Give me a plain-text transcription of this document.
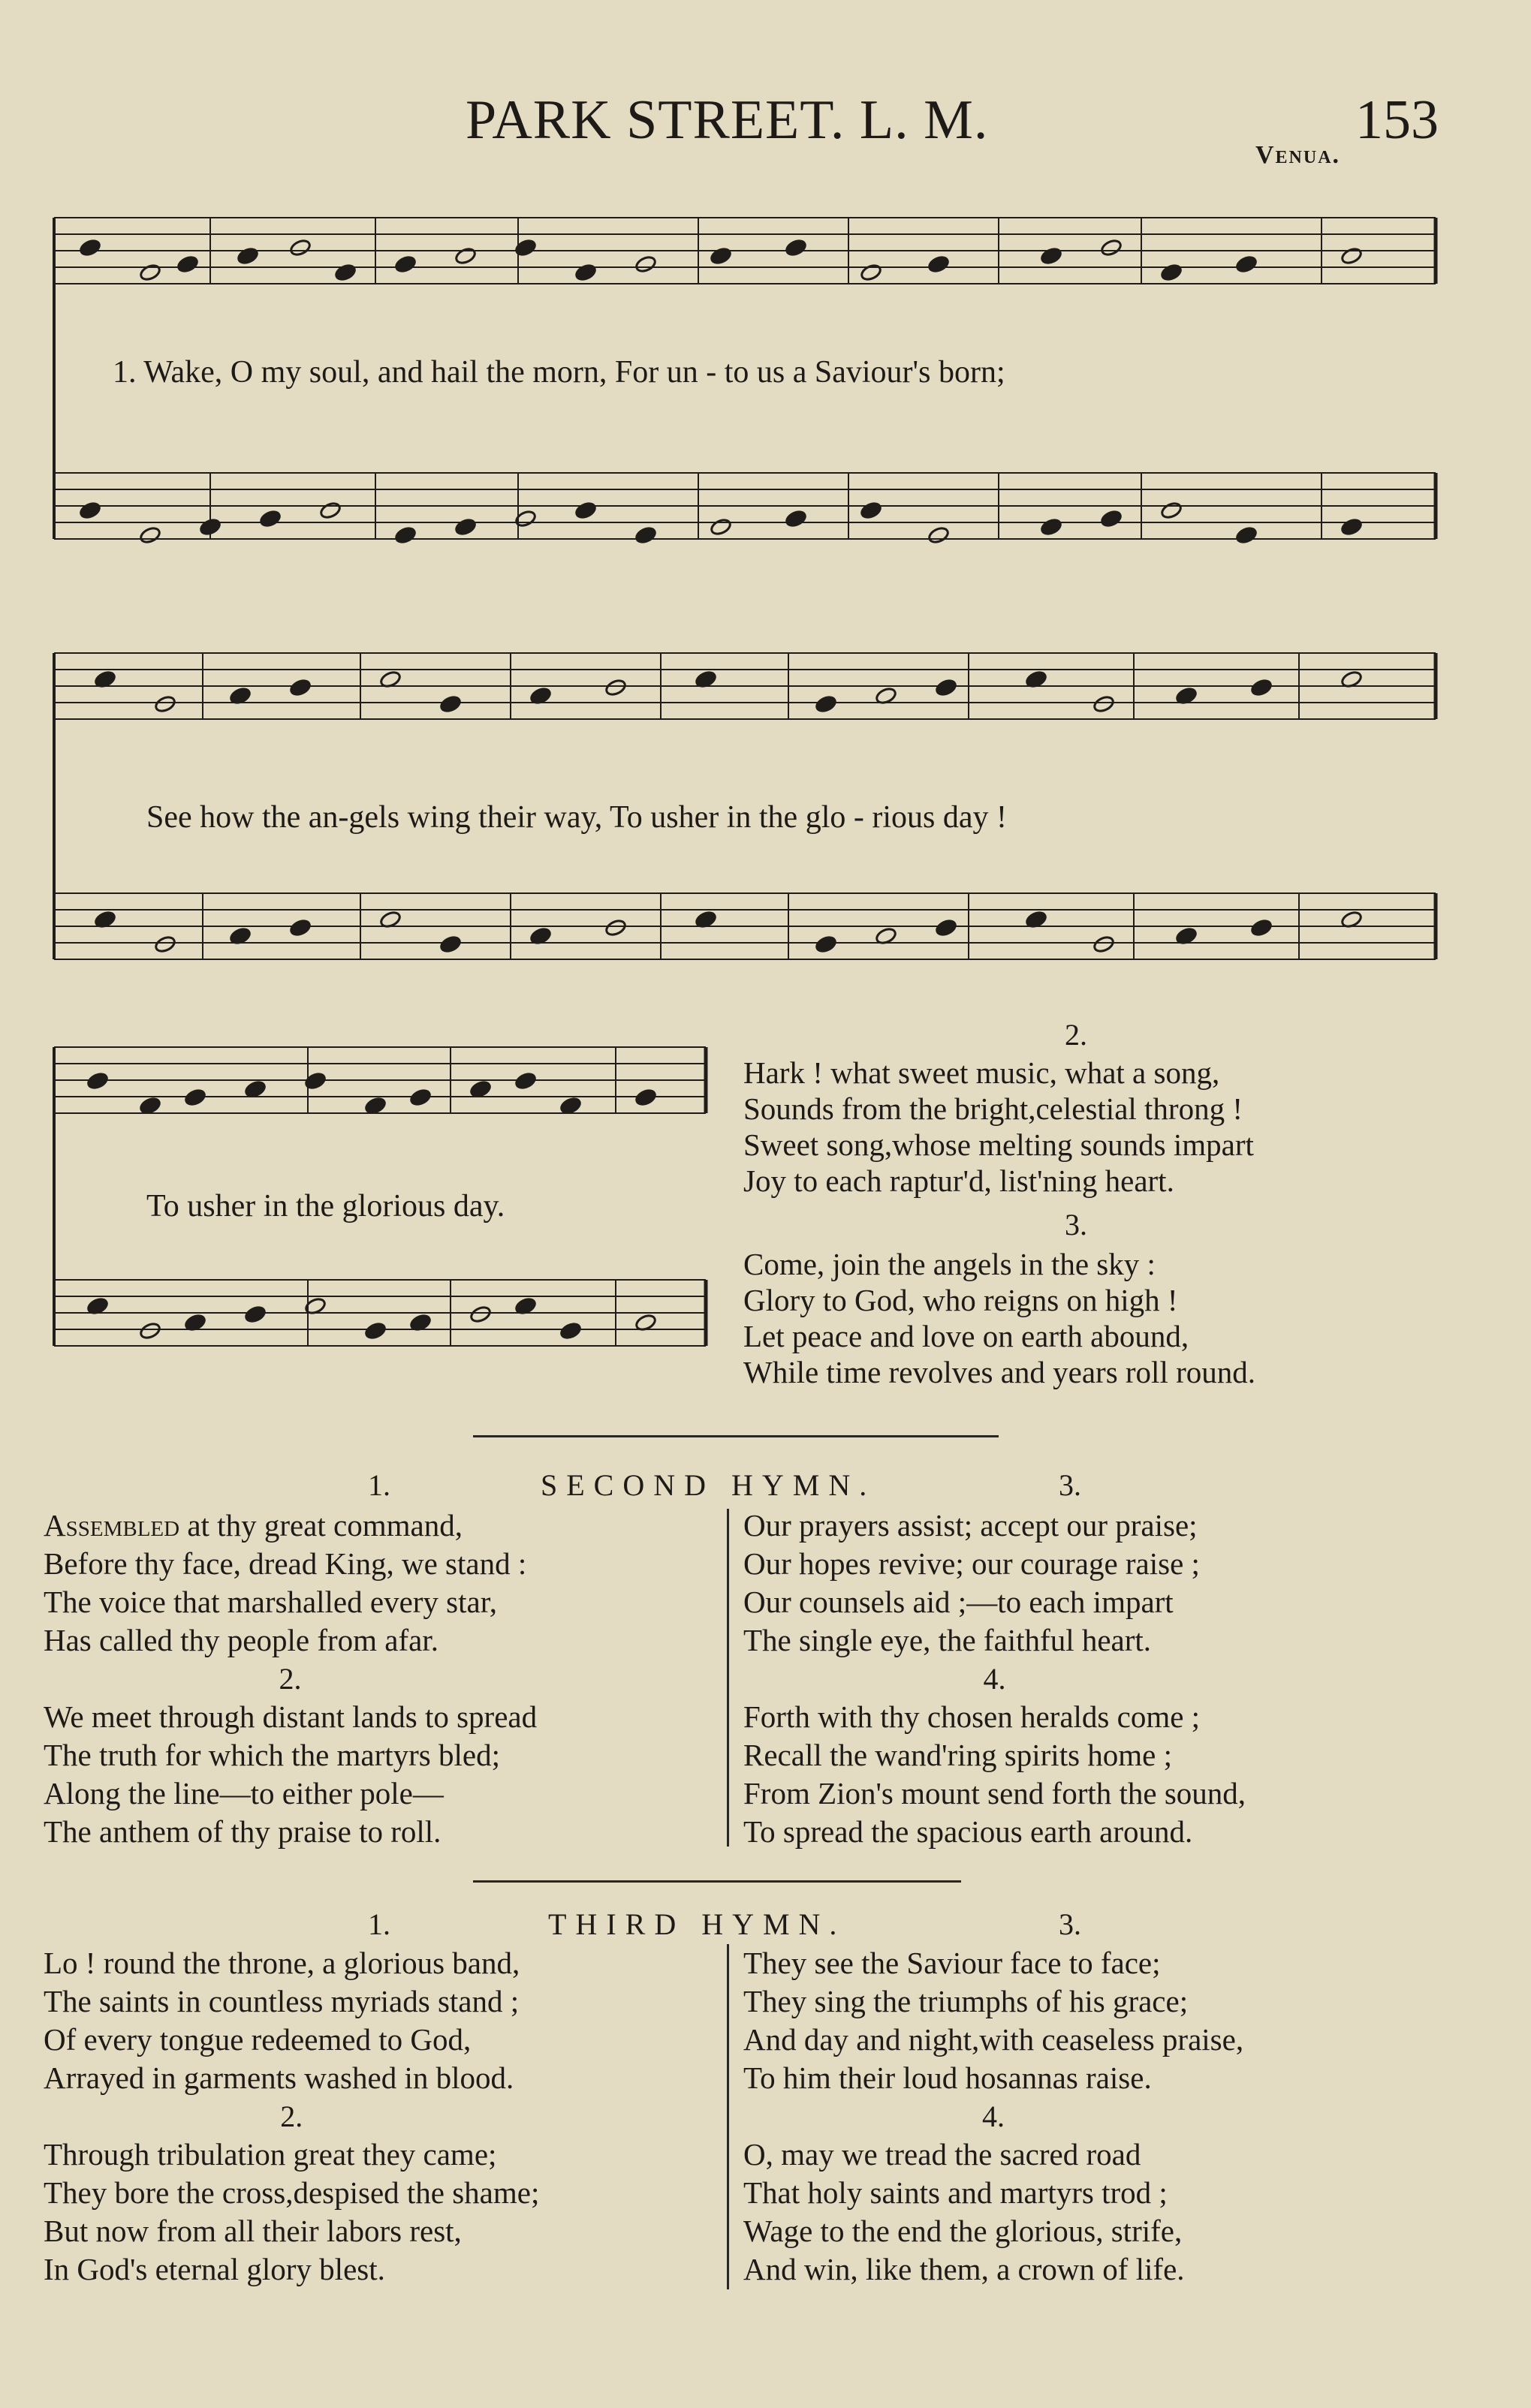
PARK STREET. L. M.	153
Venua.
1. Wake, O my soul, and hail the morn, For un - to us a Saviour's born;
See how the an-gels wing their way, To usher in the glo - rious day !
To usher in the glorious day.
2.
Hark ! what sweet music, what a song,
Sounds from the bright,celestial throng !
Sweet song,whose melting sounds impart
Joy to each raptur'd, list'ning heart.
3.
Come, join the angels in the sky :
Glory to God, who reigns on high !
Let peace and love on earth abound,
While time revolves and years roll round.
1.	SECOND HYMN.	3.
Assembled at thy great command,
Before thy face, dread King, we stand :
The voice that marshalled every star,
Has called thy people from afar.
2.
We meet through distant lands to spread
The truth for which the martyrs bled;
Along the line—to either pole—
The anthem of thy praise to roll.
Our prayers assist; accept our praise;
Our hopes revive; our courage raise ;
Our counsels aid ;—to each impart
The single eye, the faithful heart.
4.
Forth with thy chosen heralds come ;
Recall the wand'ring spirits home ;
From Zion's mount send forth the sound,
To spread the spacious earth around.
1.	THIRD HYMN.	3.
Lo ! round the throne, a glorious band,
The saints in countless myriads stand ;
Of every tongue redeemed to God,
Arrayed in garments washed in blood.
2.
Through tribulation great they came;
They bore the cross,despised the shame;
But now from all their labors rest,
In God's eternal glory blest.
They see the Saviour face to face;
They sing the triumphs of his grace;
And day and night,with ceaseless praise,
To him their loud hosannas raise.
4.
O, may we tread the sacred road
That holy saints and martyrs trod ;
Wage to the end the glorious, strife,
And win, like them, a crown of life.
